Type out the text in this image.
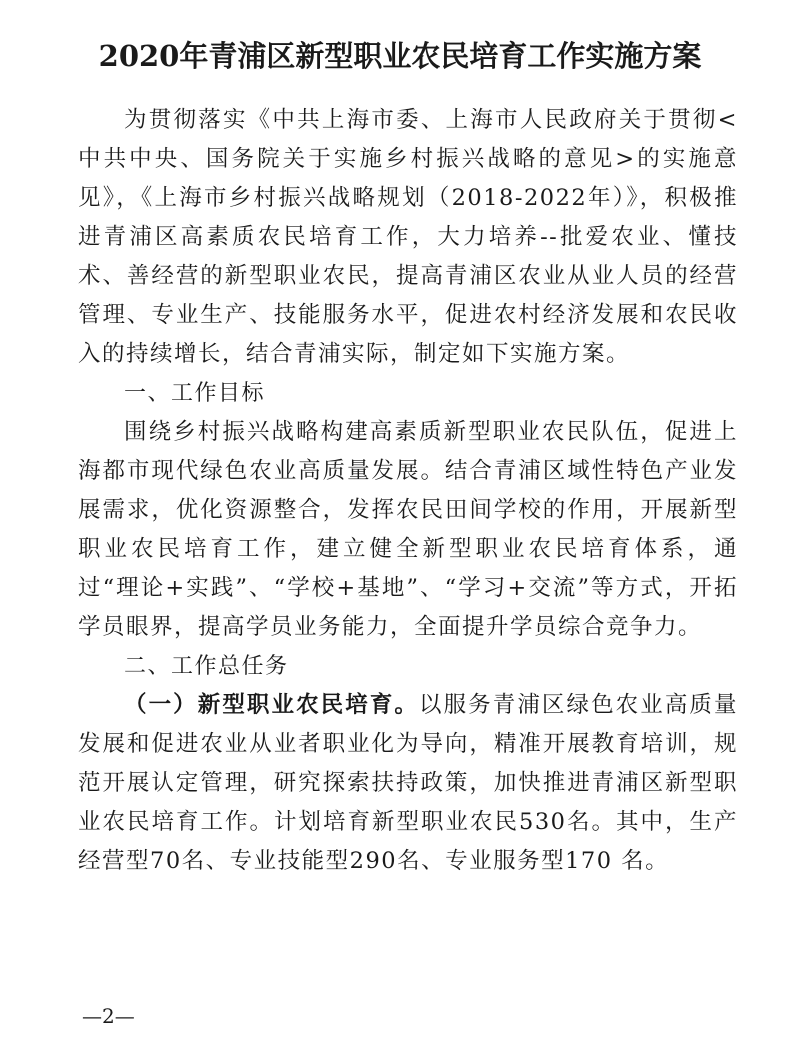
2020年青浦区新型职业农民培育工作实施方案

为贯彻落实《中共上海市委、上海市人民政府关于贯彻<中共中央、国务院关于实施乡村振兴战略的意见>的实施意见》，《上海市乡村振兴战略规划（2018-2022年）》，积极推进青浦区高素质农民培育工作，大力培养--批爱农业、懂技术、善经营的新型职业农民，提高青浦区农业从业人员的经营管理、专业生产、技能服务水平，促进农村经济发展和农民收入的持续增长，结合青浦实际，制定如下实施方案。

一、工作目标

围绕乡村振兴战略构建高素质新型职业农民队伍，促进上海都市现代绿色农业高质量发展。结合青浦区域性特色产业发展需求，优化资源整合，发挥农民田间学校的作用，开展新型职业农民培育工作，建立健全新型职业农民培育体系，通过“理论+实践”、“学校+基地”、“学习+交流”等方式，开拓学员眼界，提高学员业务能力，全面提升学员综合竞争力。

二、工作总任务

（一）新型职业农民培育。以服务青浦区绿色农业高质量发展和促进农业从业者职业化为导向，精准开展教育培训，规范开展认定管理，研究探索扶持政策，加快推进青浦区新型职业农民培育工作。计划培育新型职业农民530名。其中，生产经营型70名、专业技能型290名、专业服务型170 名。

—2—
